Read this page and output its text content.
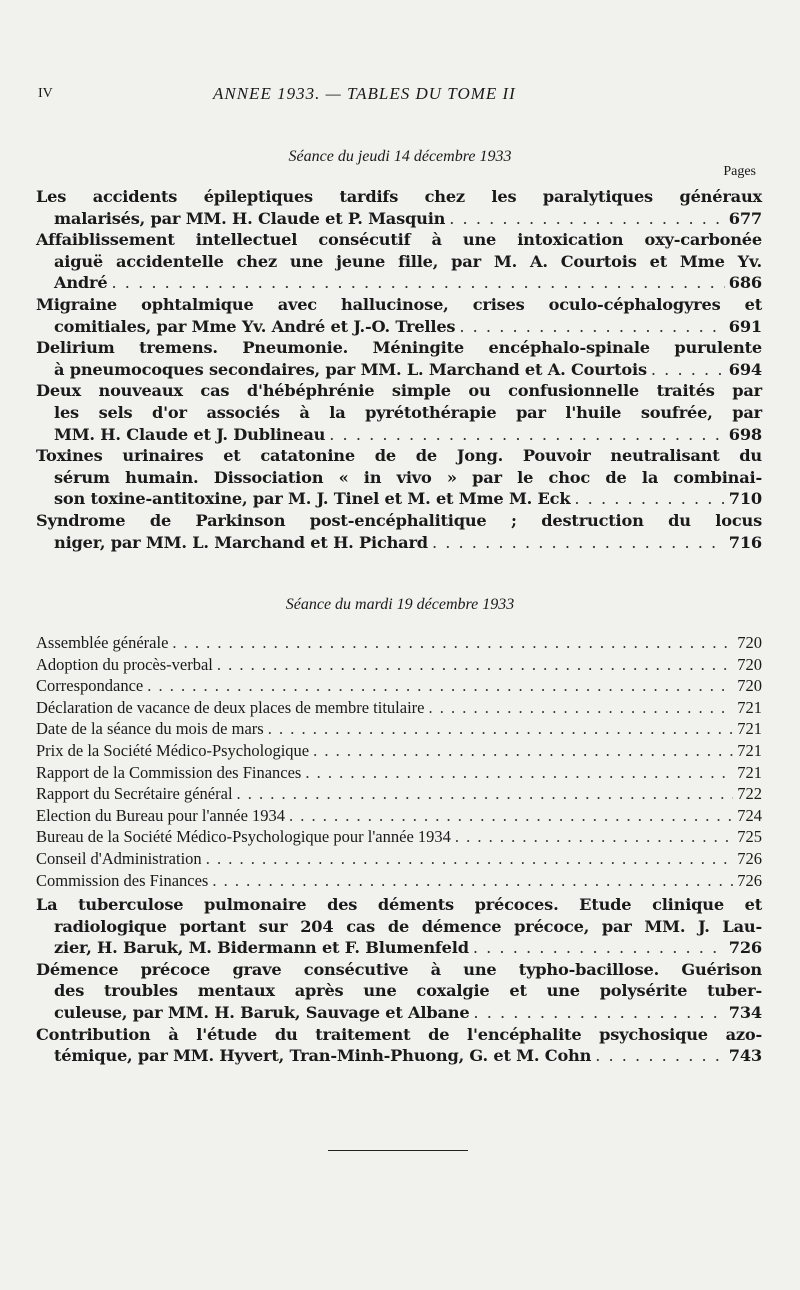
IV	ANNEE 1933. — TABLES DU TOME II
Séance du jeudi 14 décembre 1933
Pages
Les accidents épileptiques tardifs chez les paralytiques généraux
malarisés, par MM. H. Claude et P. Masquin . . .	677
Affaiblissement intellectuel consécutif à une intoxication oxy-carbonée
aiguë accidentelle chez une jeune fille, par M. A. Courtois et Mme Yv.
André . . .	686
Migraine ophtalmique avec hallucinose, crises oculo-céphalogyres et
comitiales, par Mme Yv. André et J.-O. Trelles . . .	691
Delirium tremens. Pneumonie. Méningite encéphalo-spinale purulente
à pneumocoques secondaires, par MM. L. Marchand et A. Courtois . . .	694
Deux nouveaux cas d'hébéphrénie simple ou confusionnelle traités par
les sels d'or associés à la pyrétothérapie par l'huile soufrée, par
MM. H. Claude et J. Dublineau . . .	698
Toxines urinaires et catatonine de de Jong. Pouvoir neutralisant du
sérum humain. Dissociation « in vivo » par le choc de la combinai-
son toxine-antitoxine, par M. J. Tinel et M. et Mme M. Eck . . .	710
Syndrome de Parkinson post-encéphalitique ; destruction du locus
niger, par MM. L. Marchand et H. Pichard . . .	716
Séance du mardi 19 décembre 1933
Assemblée générale . . .	720
Adoption du procès-verbal . . .	720
Correspondance . . .	720
Déclaration de vacance de deux places de membre titulaire . . .	721
Date de la séance du mois de mars . . .	721
Prix de la Société Médico-Psychologique . . .	721
Rapport de la Commission des Finances . . .	721
Rapport du Secrétaire général . . .	722
Election du Bureau pour l'année 1934 . . .	724
Bureau de la Société Médico-Psychologique pour l'année 1934 . . .	725
Conseil d'Administration . . .	726
Commission des Finances . . .	726
La tuberculose pulmonaire des déments précoces. Etude clinique et
radiologique portant sur 204 cas de démence précoce, par MM. J. Lau-
zier, H. Baruk, M. Bidermann et F. Blumenfeld . . .	726
Démence précoce grave consécutive à une typho-bacillose. Guérison
des troubles mentaux après une coxalgie et une polysérite tuber-
culeuse, par MM. H. Baruk, Sauvage et Albane . . .	734
Contribution à l'étude du traitement de l'encéphalite psychosique azo-
témique, par MM. Hyvert, Tran-Minh-Phuong, G. et M. Cohn . . .	743
